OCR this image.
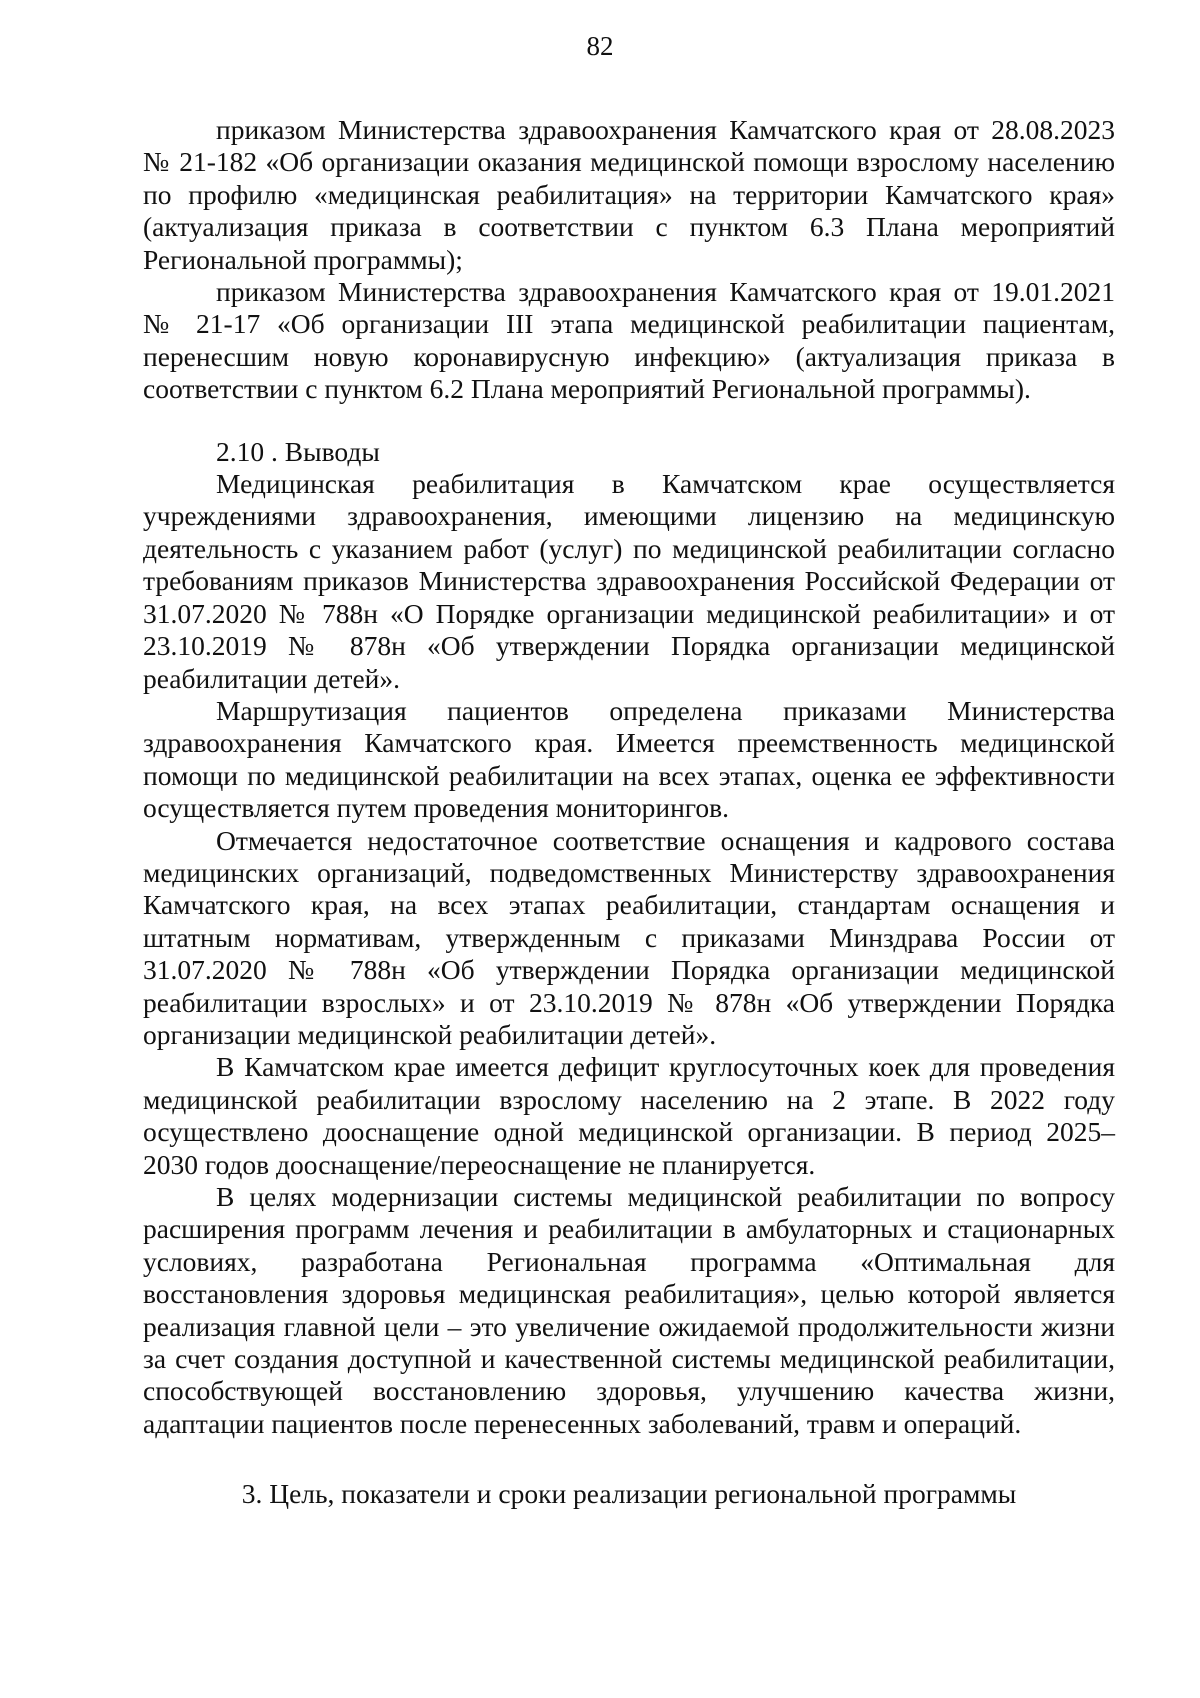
82

приказом Министерства здравоохранения Камчатского края от 28.08.2023 № 21-182 «Об организации оказания медицинской помощи взрослому населению по профилю «медицинская реабилитация» на территории Камчатского края» (актуализация приказа в соответствии с пунктом 6.3 Плана мероприятий Региональной программы);

приказом Министерства здравоохранения Камчатского края от 19.01.2021 № 21-17 «Об организации III этапа медицинской реабилитации пациентам, перенесшим новую коронавирусную инфекцию» (актуализация приказа в соответствии с пунктом 6.2 Плана мероприятий Региональной программы).

2.10 . Выводы

Медицинская реабилитация в Камчатском крае осуществляется учреждениями здравоохранения, имеющими лицензию на медицинскую деятельность с указанием работ (услуг) по медицинской реабилитации согласно требованиям приказов Министерства здравоохранения Российской Федерации от 31.07.2020 № 788н «О Порядке организации медицинской реабилитации» и от 23.10.2019 № 878н «Об утверждении Порядка организации медицинской реабилитации детей».

Маршрутизация пациентов определена приказами Министерства здравоохранения Камчатского края. Имеется преемственность медицинской помощи по медицинской реабилитации на всех этапах, оценка ее эффективности осуществляется путем проведения мониторингов.

Отмечается недостаточное соответствие оснащения и кадрового состава медицинских организаций, подведомственных Министерству здравоохранения Камчатского края, на всех этапах реабилитации, стандартам оснащения и штатным нормативам, утвержденным с приказами Минздрава России от 31.07.2020 № 788н «Об утверждении Порядка организации медицинской реабилитации взрослых» и от 23.10.2019 № 878н «Об утверждении Порядка организации медицинской реабилитации детей».

В Камчатском крае имеется дефицит круглосуточных коек для проведения медицинской реабилитации взрослому населению на 2 этапе. В 2022 году осуществлено дооснащение одной медицинской организации. В период 2025–2030 годов дооснащение/переоснащение не планируется.

В целях модернизации системы медицинской реабилитации по вопросу расширения программ лечения и реабилитации в амбулаторных и стационарных условиях, разработана Региональная программа «Оптимальная для восстановления здоровья медицинская реабилитация», целью которой является реализация главной цели – это увеличение ожидаемой продолжительности жизни за счет создания доступной и качественной системы медицинской реабилитации, способствующей восстановлению здоровья, улучшению качества жизни, адаптации пациентов после перенесенных заболеваний, травм и операций.

3. Цель, показатели и сроки реализации региональной программы
